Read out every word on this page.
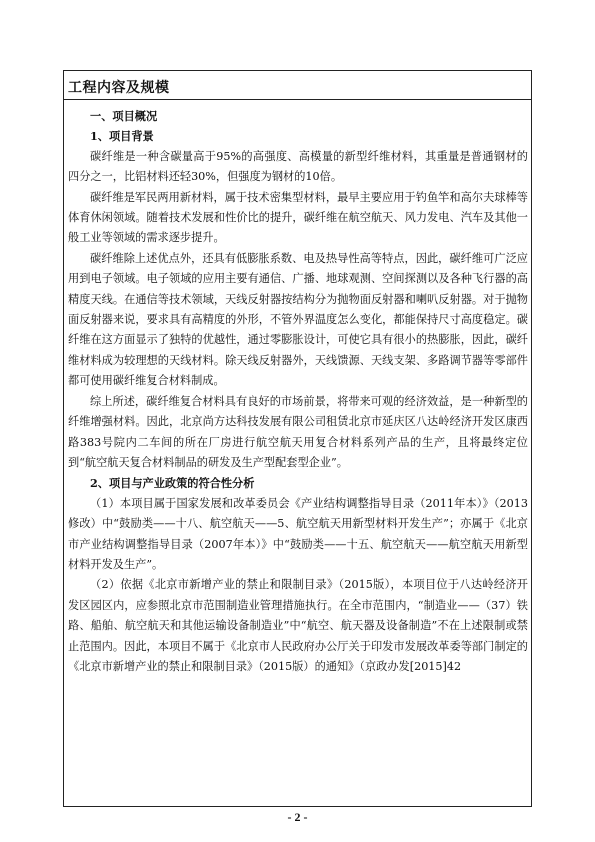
工程内容及规模
一、项目概况
1、项目背景

碳纤维是一种含碳量高于95%的高强度、高模量的新型纤维材料，其重量是普通钢材的四分之一，比铝材料还轻30%，但强度为钢材的10倍。

碳纤维是军民两用新材料，属于技术密集型材料，最早主要应用于钓鱼竿和高尔夫球棒等体育休闲领域。随着技术发展和性价比的提升，碳纤维在航空航天、风力发电、汽车及其他一般工业等领域的需求逐步提升。

碳纤维除上述优点外，还具有低膨胀系数、电及热导性高等特点，因此，碳纤维可广泛应用到电子领域。电子领域的应用主要有通信、广播、地球观测、空间探测以及各种飞行器的高精度天线。在通信等技术领域，天线反射器按结构分为抛物面反射器和喇叭反射器。对于抛物面反射器来说，要求具有高精度的外形，不管外界温度怎么变化，都能保持尺寸高度稳定。碳纤维在这方面显示了独特的优越性，通过零膨胀设计，可使它具有很小的热膨胀，因此，碳纤维材料成为较理想的天线材料。除天线反射器外，天线馈源、天线支架、多路调节器等零部件都可使用碳纤维复合材料制成。

综上所述，碳纤维复合材料具有良好的市场前景，将带来可观的经济效益，是一种新型的纤维增强材料。因此，北京尚方达科技发展有限公司租赁北京市延庆区八达岭经济开发区康西路383号院内二车间的所在厂房进行航空航天用复合材料系列产品的生产，且将最终定位到“航空航天复合材料制品的研发及生产型配套型企业”。

2、项目与产业政策的符合性分析

（1）本项目属于国家发展和改革委员会《产业结构调整指导目录（2011年本）》（2013修改）中“鼓励类——十八、航空航天——5、航空航天用新型材料开发生产”；亦属于《北京市产业结构调整指导目录（2007年本）》中“鼓励类——十五、航空航天——航空航天用新型材料开发及生产”。

（2）依据《北京市新增产业的禁止和限制目录》（2015版），本项目位于八达岭经济开发区园区内，应参照北京市范围制造业管理措施执行。在全市范围内，“制造业——（37）铁路、船舶、航空航天和其他运输设备制造业”中“航空、航天器及设备制造”不在上述限制或禁止范围内。因此，本项目不属于《北京市人民政府办公厅关于印发市发展改革委等部门制定的《北京市新增产业的禁止和限制目录》（2015版）的通知》（京政办发[2015]42

- 2 -
